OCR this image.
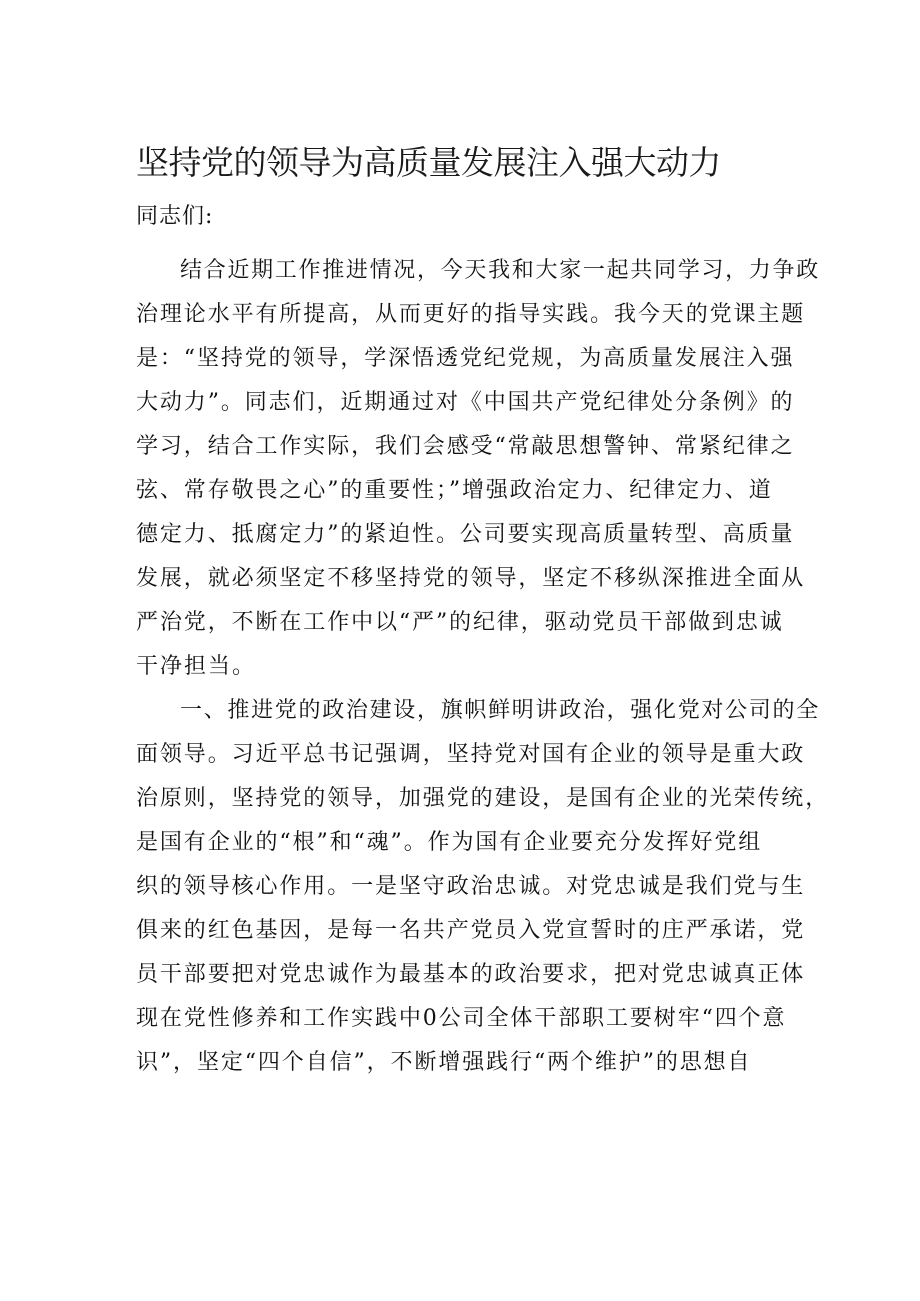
坚持党的领导为高质量发展注入强大动力
同志们:
结合近期工作推进情况，今天我和大家一起共同学习，力争政
治理论水平有所提高，从而更好的指导实践。我今天的党课主题
是：“坚持党的领导，学深悟透党纪党规，为高质量发展注入强
大动力”。同志们，近期通过对《中国共产党纪律处分条例》的
学习，结合工作实际，我们会感受“常敲思想警钟、常紧纪律之
弦、常存敬畏之心”的重要性；”增强政治定力、纪律定力、道
德定力、抵腐定力”的紧迫性。公司要实现高质量转型、高质量
发展，就必须坚定不移坚持党的领导，坚定不移纵深推进全面从
严治党，不断在工作中以“严”的纪律，驱动党员干部做到忠诚
干净担当。
一、推进党的政治建设，旗帜鲜明讲政治，强化党对公司的全
面领导。习近平总书记强调，坚持党对国有企业的领导是重大政
治原则，坚持党的领导，加强党的建设，是国有企业的光荣传统，
是国有企业的“根”和“魂”。作为国有企业要充分发挥好党组
织的领导核心作用。一是坚守政治忠诚。对党忠诚是我们党与生
俱来的红色基因，是每一名共产党员入党宣誓时的庄严承诺，党
员干部要把对党忠诚作为最基本的政治要求，把对党忠诚真正体
现在党性修养和工作实践中0公司全体干部职工要树牢“四个意
识”，坚定“四个自信”，不断增强践行“两个维护”的思想自
